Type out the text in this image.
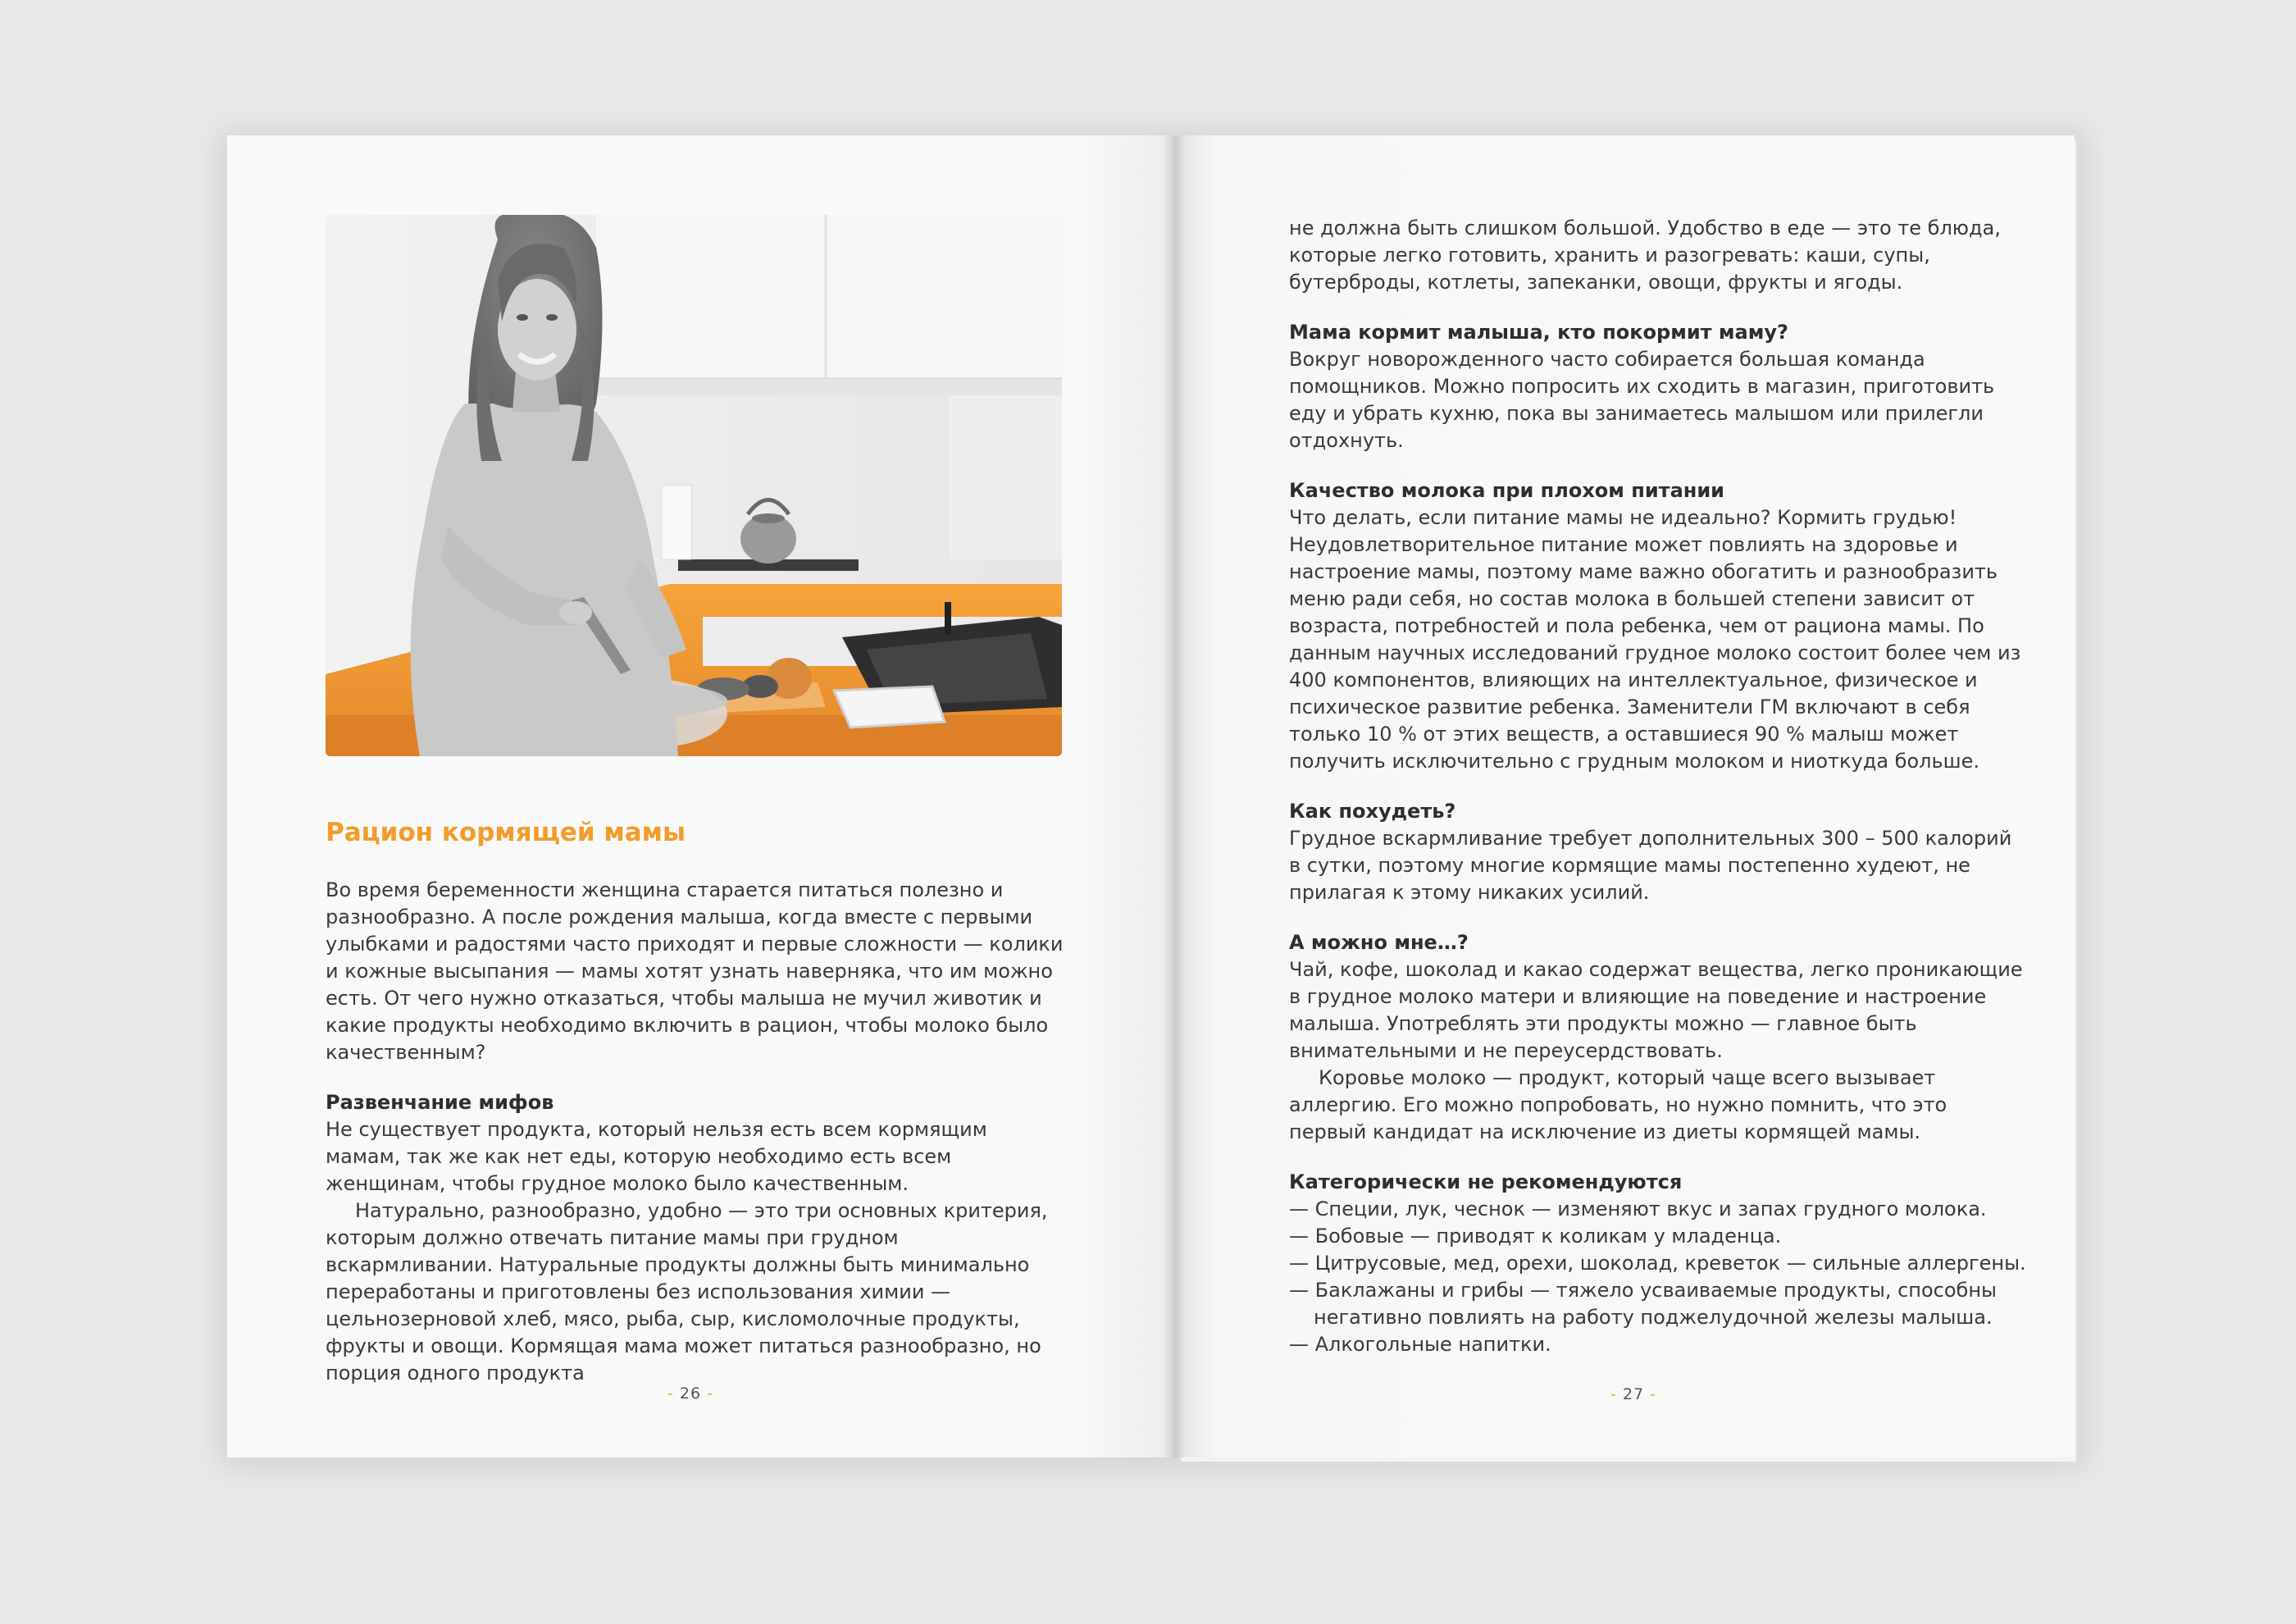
Рацион кормящей мамы

Во время беременности женщина старается питаться полезно и разнообразно. А после рождения малыша, когда вместе с первыми улыбками и радостями часто приходят и первые сложности — колики и кожные высыпания — мамы хотят узнать наверняка, что им можно есть. От чего нужно отказаться, чтобы малыша не мучил животик и какие продукты необходимо включить в рацион, чтобы молоко было качественным?

Развенчание мифов

Не существует продукта, который нельзя есть всем кормящим мамам, так же как нет еды, которую необходимо есть всем женщинам, чтобы грудное молоко было качественным.

Натурально, разнообразно, удобно — это три основных критерия, которым должно отвечать питание мамы при грудном вскармливании. Натуральные продукты должны быть минимально переработаны и приготовлены без использования химии — цельнозерновой хлеб, мясо, рыба, сыр, кисломолочные продукты, фрукты и овощи. Кормящая мама может питаться разнообразно, но порция одного продукта

- 26 -

не должна быть слишком большой. Удобство в еде — это те блюда, которые легко готовить, хранить и разогревать: каши, супы, бутерброды, котлеты, запеканки, овощи, фрукты и ягоды.

Мама кормит малыша, кто покормит маму?

Вокруг новорожденного часто собирается большая команда помощников. Можно попросить их сходить в магазин, приготовить еду и убрать кухню, пока вы занимаетесь малышом или прилегли отдохнуть.

Качество молока при плохом питании

Что делать, если питание мамы не идеально? Кормить грудью! Неудовлетворительное питание может повлиять на здоровье и настроение мамы, поэтому маме важно обогатить и разнообразить меню ради себя, но состав молока в большей степени зависит от возраста, потребностей и пола ребенка, чем от рациона мамы. По данным научных исследований грудное молоко состоит более чем из 400 компонентов, влияющих на интеллектуальное, физическое и психическое развитие ребенка. Заменители ГМ включают в себя только 10 % от этих веществ, а оставшиеся 90 % малыш может получить исключительно с грудным молоком и ниоткуда больше.

Как похудеть?

Грудное вскармливание требует дополнительных 300 – 500 калорий в сутки, поэтому многие кормящие мамы постепенно худеют, не прилагая к этому никаких усилий.

А можно мне…?

Чай, кофе, шоколад и какао содержат вещества, легко проникающие в грудное молоко матери и влияющие на поведение и настроение малыша. Употреблять эти продукты можно — главное быть внимательными и не переусердствовать.

Коровье молоко — продукт, который чаще всего вызывает аллергию. Его можно попробовать, но нужно помнить, что это первый кандидат на исключение из диеты кормящей мамы.

Категорически не рекомендуются
— Специи, лук, чеснок — изменяют вкус и запах грудного молока.
— Бобовые — приводят к коликам у младенца.
— Цитрусовые, мед, орехи, шоколад, креветок — сильные аллергены.
— Баклажаны и грибы — тяжело усваиваемые продукты, способны негативно повлиять на работу поджелудочной железы малыша.
— Алкогольные напитки.
- 27 -
